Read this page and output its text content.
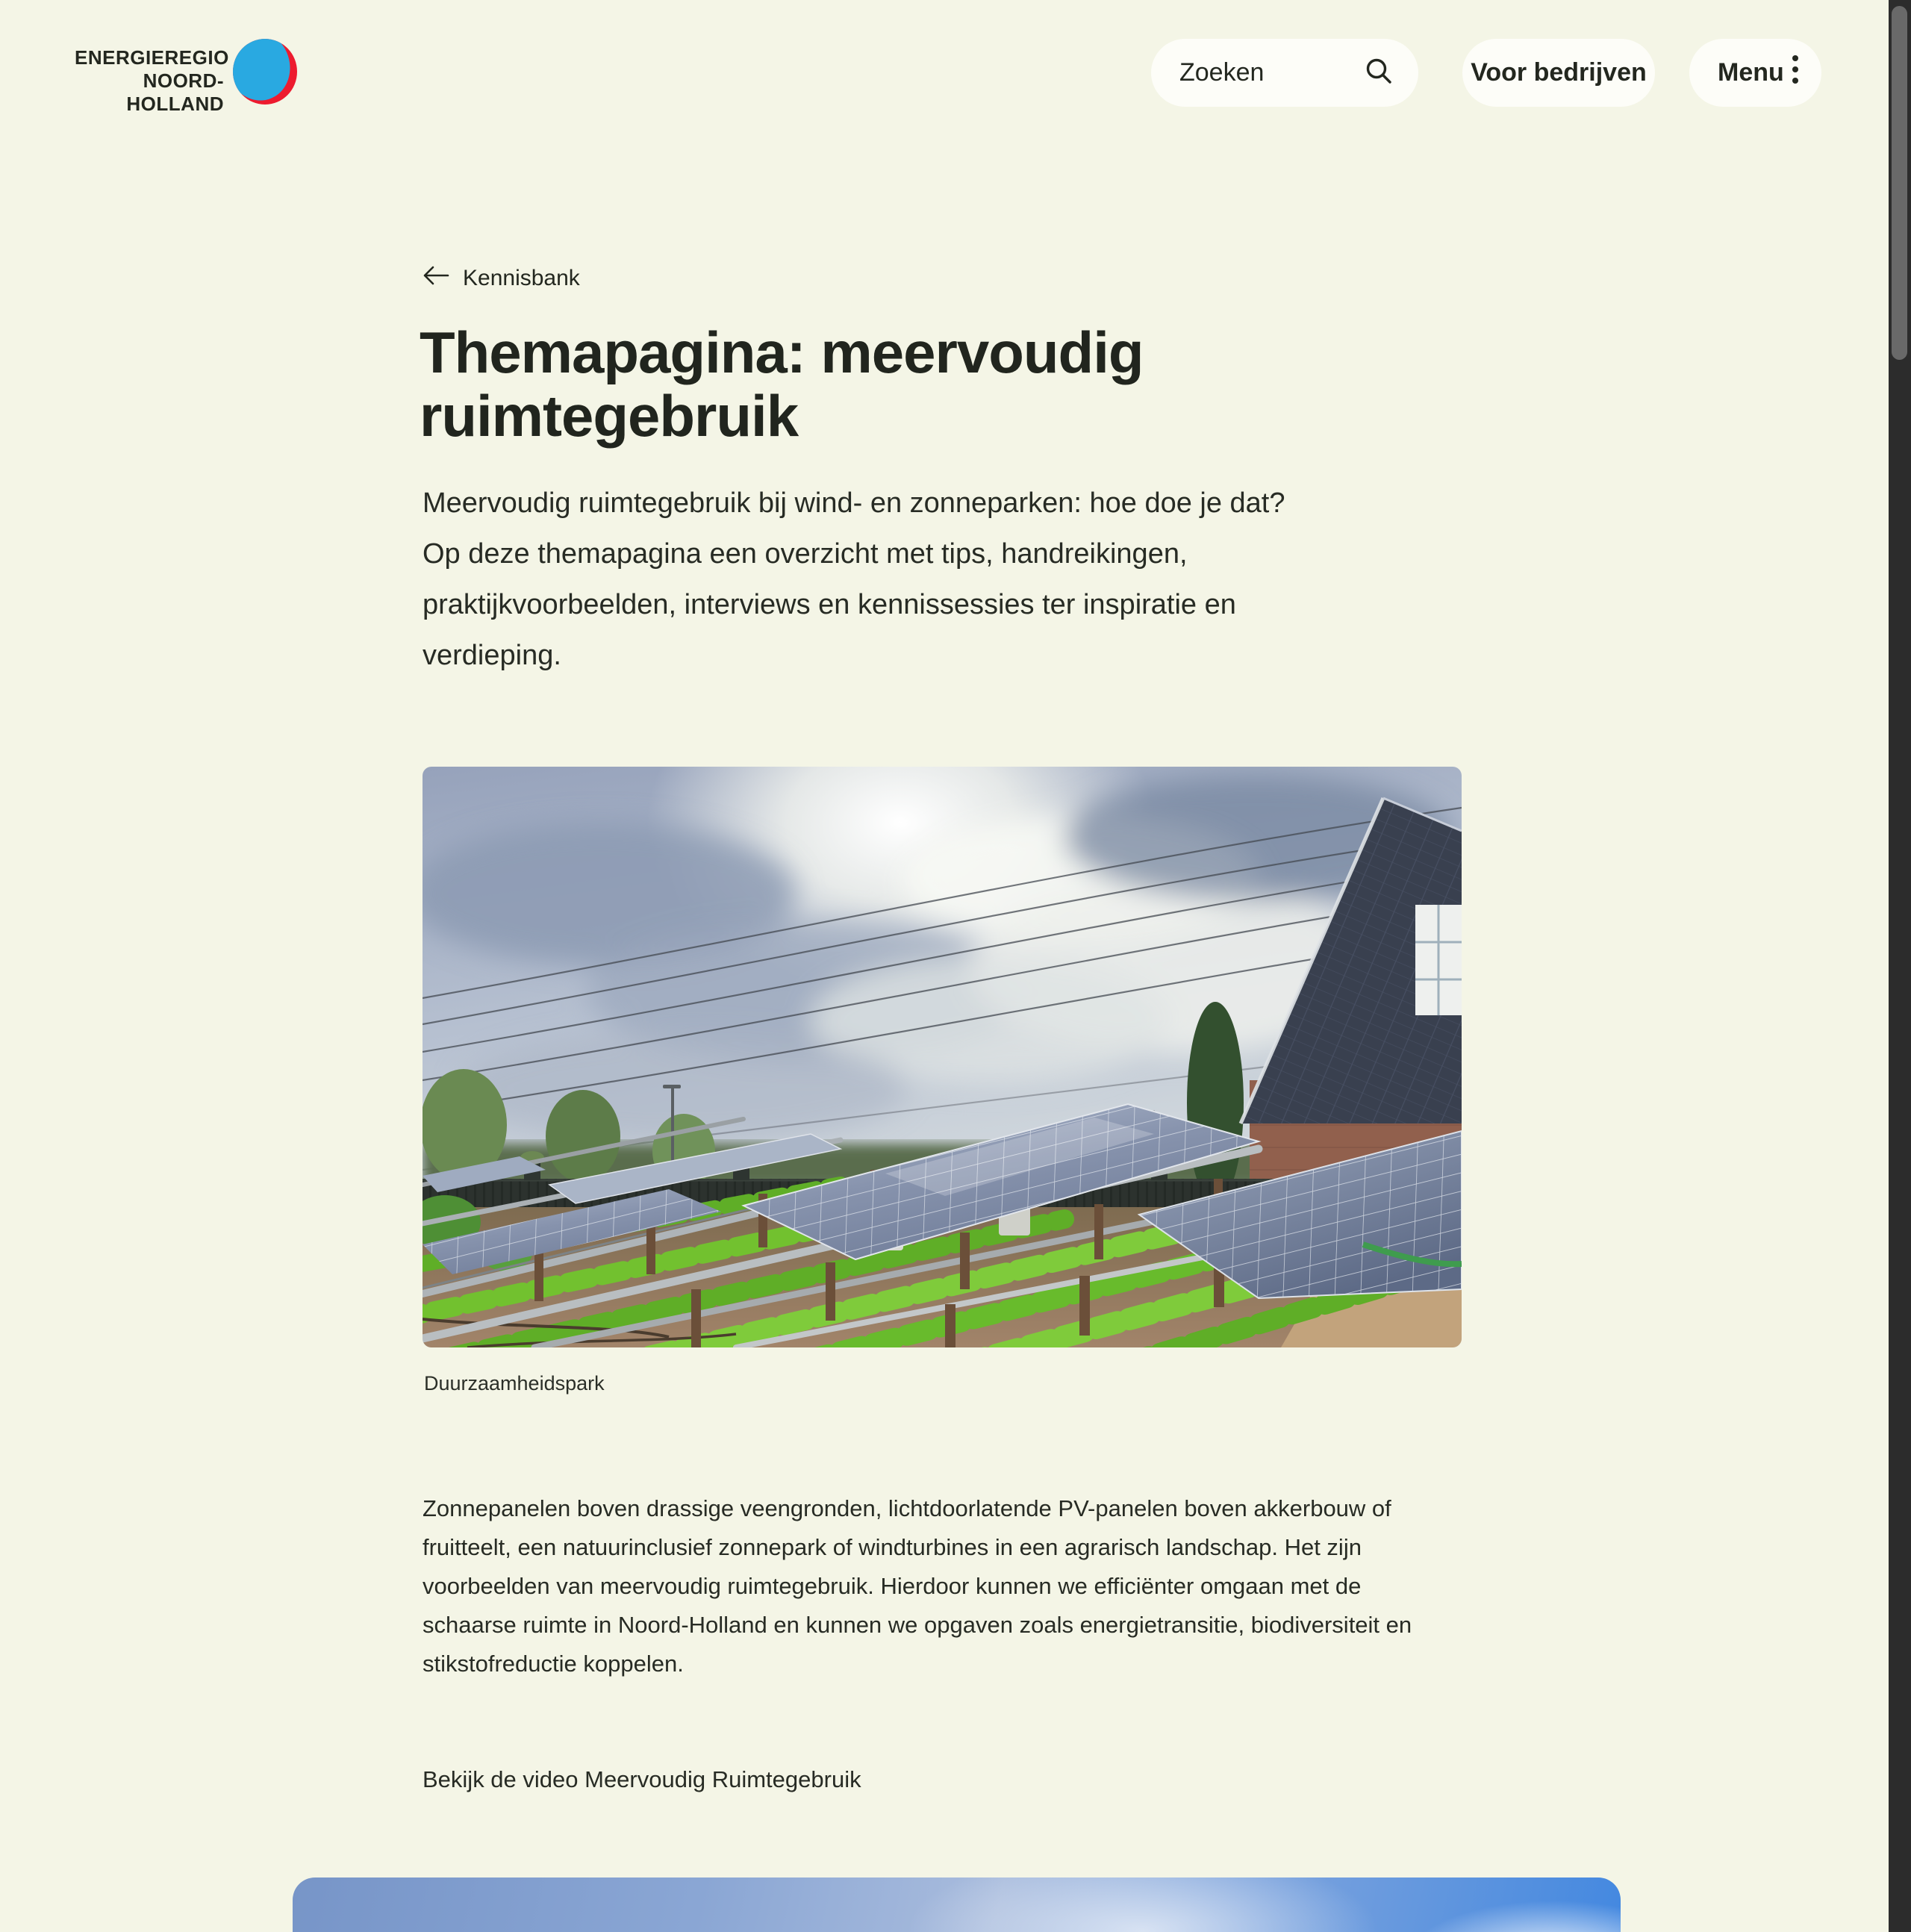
ENERGIEREGIO
NOORD-HOLLAND
Zoeken	Voor bedrijven	Menu
Kennisbank
Themapagina: meervoudig ruimtegebruik
Meervoudig ruimtegebruik bij wind- en zonneparken: hoe doe je dat? Op deze themapagina een overzicht met tips, handreikingen, praktijkvoorbeelden, interviews en kennissessies ter inspiratie en verdieping.
Duurzaamheidspark
Zonnepanelen boven drassige veengronden, lichtdoorlatende PV-panelen boven akkerbouw of fruitteelt, een natuurinclusief zonnepark of windturbines in een agrarisch landschap. Het zijn voorbeelden van meervoudig ruimtegebruik. Hierdoor kunnen we efficiënter omgaan met de schaarse ruimte in Noord-Holland en kunnen we opgaven zoals energietransitie, biodiversiteit en stikstofreductie koppelen.
Bekijk de video Meervoudig Ruimtegebruik
